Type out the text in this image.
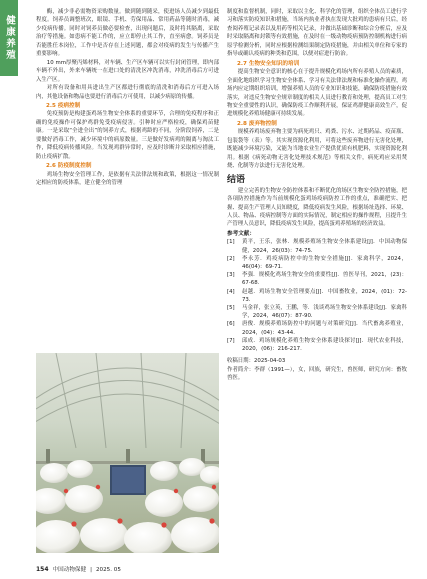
健康养殖

酶，减少非必需物资采购数量。做到随到随采，使进场人员减少到最低程度。饲养员调整班次，眼镜、手机、劳保用品、常用药品等随时消毒，减少疫病传播。同时对饲养员做必要检查，出现问题后，及时将其隔离，采取治疗等措施。如患病不能工作的，应立即停止其工作，直至病愈。饲养员是否能胜任本岗位，工作中是否存在上述问题，都会对疫病的发生与传播产生重要影响。

10 mm厚聚丙烯材料，对车辆、生产区车辆可以实行封闭管理，即内部车辆不外出，外来车辆统一在进口处的清洗区冲洗消毒，冲洗消毒后方可进入生产区。

对所有设备和用具进出生产区都进行彻底的清洗和消毒后方可进入场内，其他设备和物品也要进行消毒后方可使用，以减少病原的传播。

2.5 疫病控制

免疫预防是构建蛋鸡场生物安全体系的重要环节，合理的免疫程序和正确的免疫操作可保护鸡群免受疫病侵害。引种时应严格检疫，确保鸡苗健康。一是采取“全进全出”的饲养方式，根据鸡龄的不同，分阶段饲养，二是要做好消毒工作，减少环境中的病原数量。三是做好发病鸡的隔离与淘汰工作，降低疫病传播风险。当发现鸡群异常时，应及时诊断并采取相应措施，防止疫病扩散。

2.6 防疫制度控制

鸡场生物安全管理工作，是依据有关法律法规和政策，根据这一情况制定相应的防疫体系，建立健全的管理

制度和监督机制，同时，采取以主化、科学化的管理，组织全体员工进行学习和落实防疫知识和措施，当场内执业者执在发现大批鸡的患病有只后，经查阅养殖记录表以及用药等相关记录，并做出基础诊断和综合分析后，应及时采取隔离和封锁等有效措施，在及时在一级动物疫病预防控制机构进行病原学检测分析，同时应根据检测结果制定防疫措施，并由相关单位和专家的指导或确认疫病的种类和范围，以便对症进行防治。

2.7 生物安全知识的培训

提高生物安全意识的核心在于提升规模化鸡场内所有养殖人员的素质，全面化地组织学习生物安全体系、学习有关法律法规和标准化操作流程，鸡场内应定期组织培训，增强养殖人员的专业知识和技能，确保防疫措施有效落实，对违反生物安全规章制度的相关人员进行教育和处理，提高员工对生物安全重要性的认识，确保防疫工作顺利开展，保证鸡群健康高效生产，促进规模化养殖场健康可持续发展。

2.8 废弃物控制

规模养鸡场废弃物主要为病死鸡只、鸡粪、污水、过期药品、疫苗瓶、包装袋等（表）等。其实现资源化利用，可将这些废弃物进行无害化处理，既能减少环境污染，又能为当地农业生产提供优质有机肥料，实现资源化利用。根据《病死动物无害化处理技术规范》等相关文件，病死鸡应采用焚烧、化制等方法进行无害化处理。

结语

建立完善的生物安全防控体系和不断优化的场区生物安全防控措施，把各项防控措施作为当前规模化蛋鸡场疫病防控工作的重点，准确把实、把握、提高生产管理人员知晓度，降低疫病发生风险，根据场址选择、环境、人员、物品、疫病控制等方面的实际情况，制定相应的操作规程，且提升生产管理人员意识，降低疫病发生风险，提高蛋鸡养殖场的经济效益。

参考文献：
[1]	黄平，王乐，张林．规模养殖场生物安全体系建设[J]．中国动物保健，2024，26(03)：74-75.
[2]	李永芳．鸡疫病防控中的生物安全措施[J]．家禽科学，2024，46(04)：69-71.
[3]	李强．规模化鸡场生物安全的重要性[J]．兽医导刊，2021，(23)：67-68.
[4]	赵越．鸡场生物安全管理要点[J]．中国畜牧业，2024，(01)：72-73.
[5]	马金祥，张立英，王鹏，等．浅谈鸡场生物安全体系建设[J]．家禽科学，2024，46(07)：87-90.
[6]	唐俊．规模养殖场防控中的问题与对策研究[J]．当代畜禽养殖业，2024，(04)：43-44.
[7]	邱成．鸡场规模化养殖生物安全体系建设探讨[J]．现代农业科技，2020，(06)：216-217.

收稿日期：2025-04-03

作者简介：李群（1991—），女，回族，研究生，兽医师，研究方向：畜牧兽医。

154 中国动物保健 | 2025. 05
